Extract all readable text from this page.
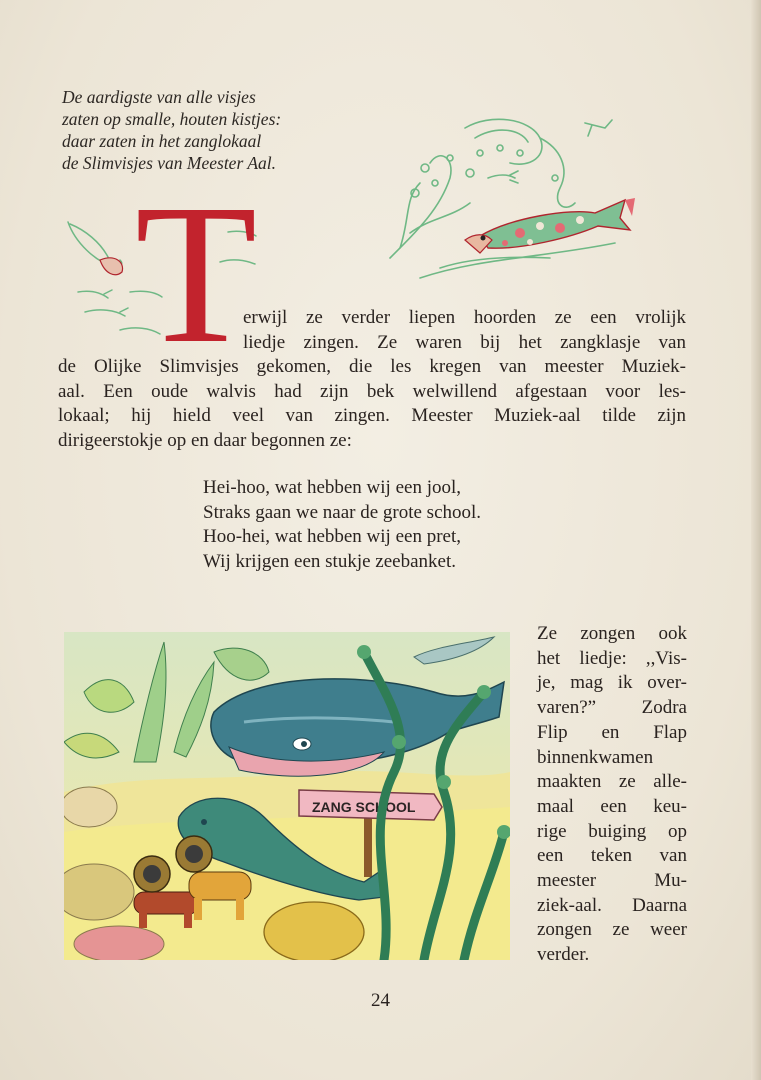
De aardigste van alle visjes
zaten op smalle, houten kistjes:
daar zaten in het zanglokaal
de Slimvisjes van Meester Aal.
T
erwijl ze verder liepen hoorden ze een vrolijk
liedje zingen. Ze waren bij het zangklasje van
de Olijke Slimvisjes gekomen, die les kregen van meester Muziek-
aal. Een oude walvis had zijn bek welwillend afgestaan voor les-
lokaal; hij hield veel van zingen. Meester Muziek-aal tilde zijn
dirigeerstokje op en daar begonnen ze:
Hei-hoo, wat hebben wij een jool,
Straks gaan we naar de grote school.
Hoo-hei, wat hebben wij een pret,
Wij krijgen een stukje zeebanket.
ZANG SCHOOL
Ze zongen ook
het liedje: ,,Vis-
je, mag ik over-
varen?” Zodra
Flip en Flap
binnenkwamen
maakten ze alle-
maal een keu-
rige buiging op
een teken van
meester Mu-
ziek-aal. Daarna
zongen ze weer
verder.
24
